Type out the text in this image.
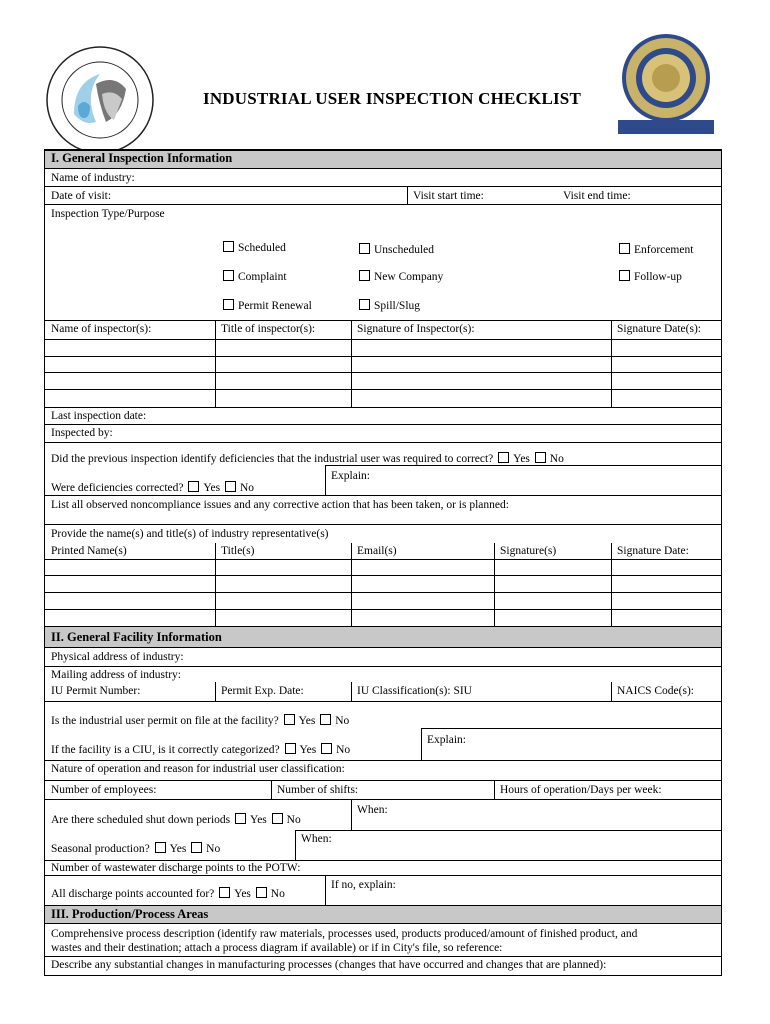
INDUSTRIAL USER INSPECTION CHECKLIST
I. General Inspection Information
Name of industry:
Date of visit:	Visit start time:	Visit end time:
Inspection Type/Purpose
Scheduled	Unscheduled	Enforcement
Complaint	New Company	Follow-up
Permit Renewal	Spill/Slug
Name of inspector(s):	Title of inspector(s):	Signature of Inspector(s):	Signature Date(s):
Last inspection date:
Inspected by:
Did the previous inspection identify deficiencies that the industrial user was required to correct? Yes No
Explain:
Were deficiencies corrected? Yes No
List all observed noncompliance issues and any corrective action that has been taken, or is planned:
Provide the name(s) and title(s) of industry representative(s)
Printed Name(s)	Title(s)	Email(s)	Signature(s)	Signature Date:
II. General Facility Information
Physical address of industry:
Mailing address of industry:
IU Permit Number:	Permit Exp. Date:	IU Classification(s): SIU	NAICS Code(s):
Is the industrial user permit on file at the facility? Yes No
Explain:
If the facility is a CIU, is it correctly categorized? Yes No
Nature of operation and reason for industrial user classification:
Number of employees:	Number of shifts:	Hours of operation/Days per week:
When:
Are there scheduled shut down periods Yes No
When:
Seasonal production? Yes No
Number of wastewater discharge points to the POTW:
If no, explain:
All discharge points accounted for? Yes No
III. Production/Process Areas
Comprehensive process description (identify raw materials, processes used, products produced/amount of finished product, and
wastes and their destination; attach a process diagram if available) or if in City's file, so reference:
Describe any substantial changes in manufacturing processes (changes that have occurred and changes that are planned):
